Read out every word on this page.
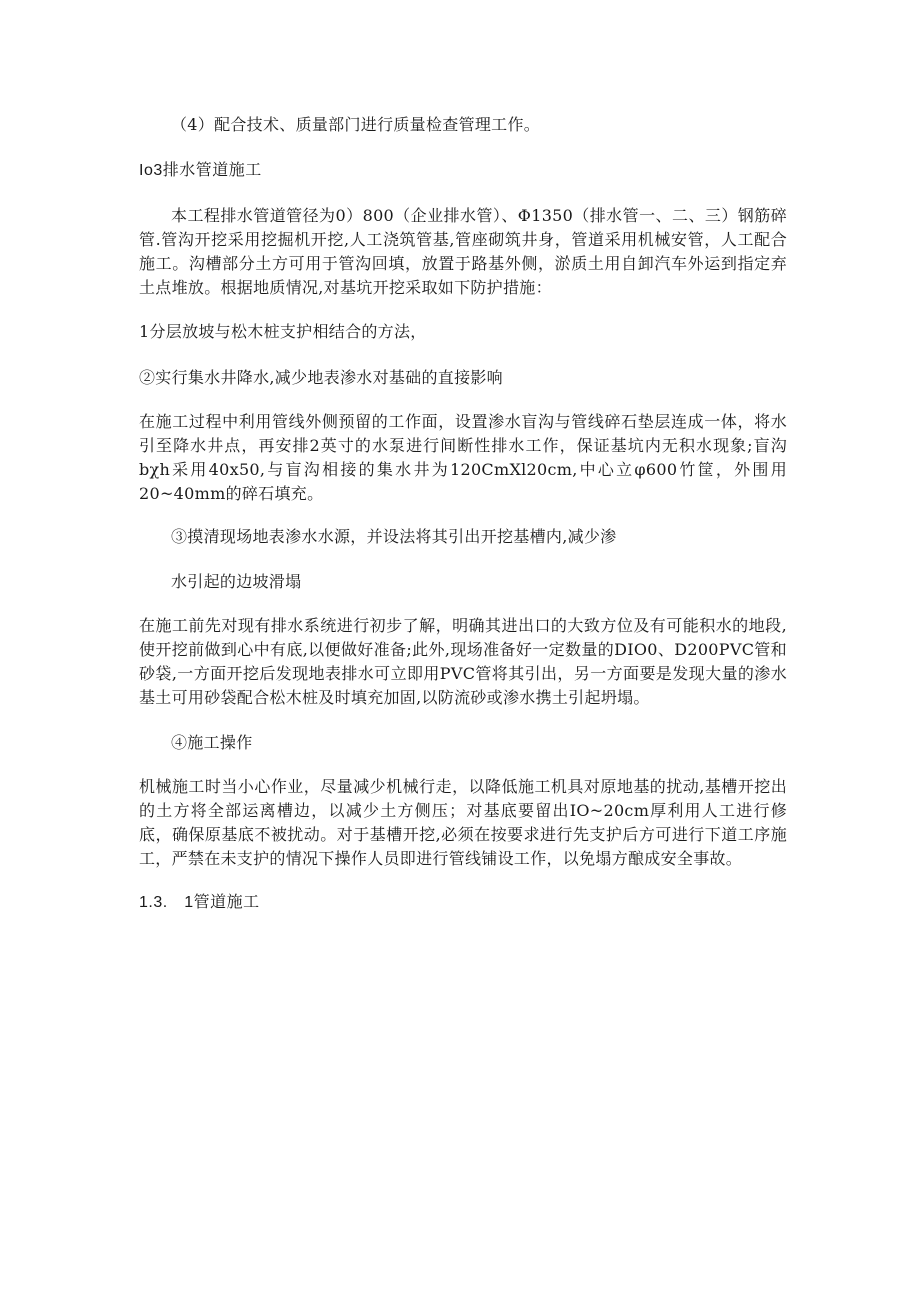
（4）配合技术、质量部门进行质量检查管理工作。

Io3排水管道施工

本工程排水管道管径为0）800（企业排水管）、Φ1350（排水管一、二、三）钢筋碎管.管沟开挖采用挖掘机开挖,人工浇筑管基,管座砌筑井身，管道采用机械安管，人工配合施工。沟槽部分土方可用于管沟回填，放置于路基外侧，淤质土用自卸汽车外运到指定弃土点堆放。根据地质情况,对基坑开挖采取如下防护措施：

1分层放坡与松木桩支护相结合的方法，

②实行集水井降水,减少地表渗水对基础的直接影响

在施工过程中利用管线外侧预留的工作面，设置渗水盲沟与管线碎石垫层连成一体，将水引至降水井点，再安排2英寸的水泵进行间断性排水工作，保证基坑内无积水现象;盲沟bχh采用40x50,与盲沟相接的集水井为120CmXl20cm,中心立φ600竹筐，外围用20~40mm的碎石填充。

③摸清现场地表渗水水源，并设法将其引出开挖基槽内,减少渗

水引起的边坡滑塌

在施工前先对现有排水系统进行初步了解，明确其进出口的大致方位及有可能积水的地段,使开挖前做到心中有底,以便做好准备;此外,现场准备好一定数量的DIO0、D200PVC管和砂袋,一方面开挖后发现地表排水可立即用PVC管将其引出，另一方面要是发现大量的渗水基土可用砂袋配合松木桩及时填充加固,以防流砂或渗水携土引起坍塌。

④施工操作

机械施工时当小心作业，尽量减少机械行走，以降低施工机具对原地基的扰动,基槽开挖出的土方将全部运离槽边，以减少土方侧压；对基底要留出IO~20cm厚利用人工进行修底，确保原基底不被扰动。对于基槽开挖,必须在按要求进行先支护后方可进行下道工序施工，严禁在未支护的情况下操作人员即进行管线铺设工作，以免塌方酿成安全事故。

1.3.　1管道施工
